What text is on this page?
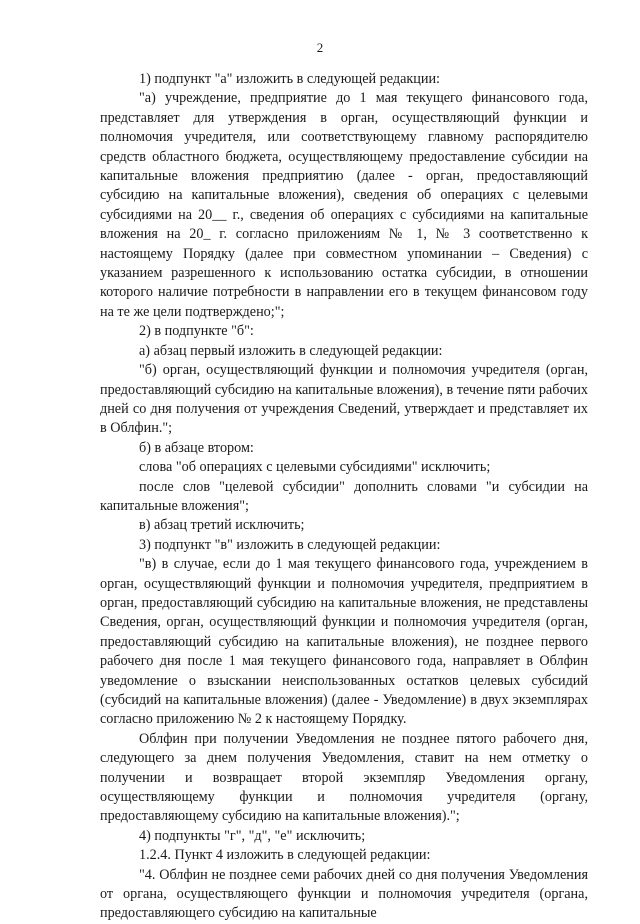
2

1) подпункт "а" изложить в следующей редакции:

"а) учреждение, предприятие до 1 мая текущего финансового года, представляет для утверждения в орган, осуществляющий функции и полномочия учредителя, или соответствующему главному распорядителю средств областного бюджета, осуществляющему предоставление субсидии на капитальные вложения предприятию (далее - орган, предоставляющий субсидию на капитальные вложения), сведения об операциях с целевыми субсидиями на 20__ г., сведения об операциях с субсидиями на капитальные вложения на 20_ г. согласно приложениям № 1, № 3 соответственно к настоящему Порядку (далее при совместном упоминании – Сведения) с указанием разрешенного к использованию остатка субсидии, в отношении которого наличие потребности в направлении его в текущем финансовом году на те же цели подтверждено;";

2) в подпункте "б":

а) абзац первый изложить в следующей редакции:

"б) орган, осуществляющий функции и полномочия учредителя (орган, предоставляющий субсидию на капитальные вложения), в течение пяти рабочих дней со дня получения от учреждения Сведений, утверждает и представляет их в Облфин.";

б) в абзаце втором:

слова "об операциях с целевыми субсидиями" исключить;

после слов "целевой субсидии" дополнить словами "и субсидии на капитальные вложения";

в) абзац третий исключить;

3) подпункт "в" изложить в следующей редакции:

"в) в случае, если до 1 мая текущего финансового года, учреждением в орган, осуществляющий функции и полномочия учредителя, предприятием в орган, предоставляющий субсидию на капитальные вложения, не представлены Сведения, орган, осуществляющий функции и полномочия учредителя (орган, предоставляющий субсидию на капитальные вложения), не позднее первого рабочего дня после 1 мая текущего финансового года, направляет в Облфин уведомление о взыскании неиспользованных остатков целевых субсидий (субсидий на капитальные вложения) (далее - Уведомление) в двух экземплярах согласно приложению № 2 к настоящему Порядку.

Облфин при получении Уведомления не позднее пятого рабочего дня, следующего за днем получения Уведомления, ставит на нем отметку о получении и возвращает второй экземпляр Уведомления органу, осуществляющему функции и полномочия учредителя (органу, предоставляющему субсидию на капитальные вложения).";

4) подпункты "г", "д", "е" исключить;

1.2.4. Пункт 4 изложить в следующей редакции:

"4. Облфин не позднее семи рабочих дней со дня получения Уведомления от органа, осуществляющего функции и полномочия учредителя (органа, предоставляющего субсидию на капитальные
